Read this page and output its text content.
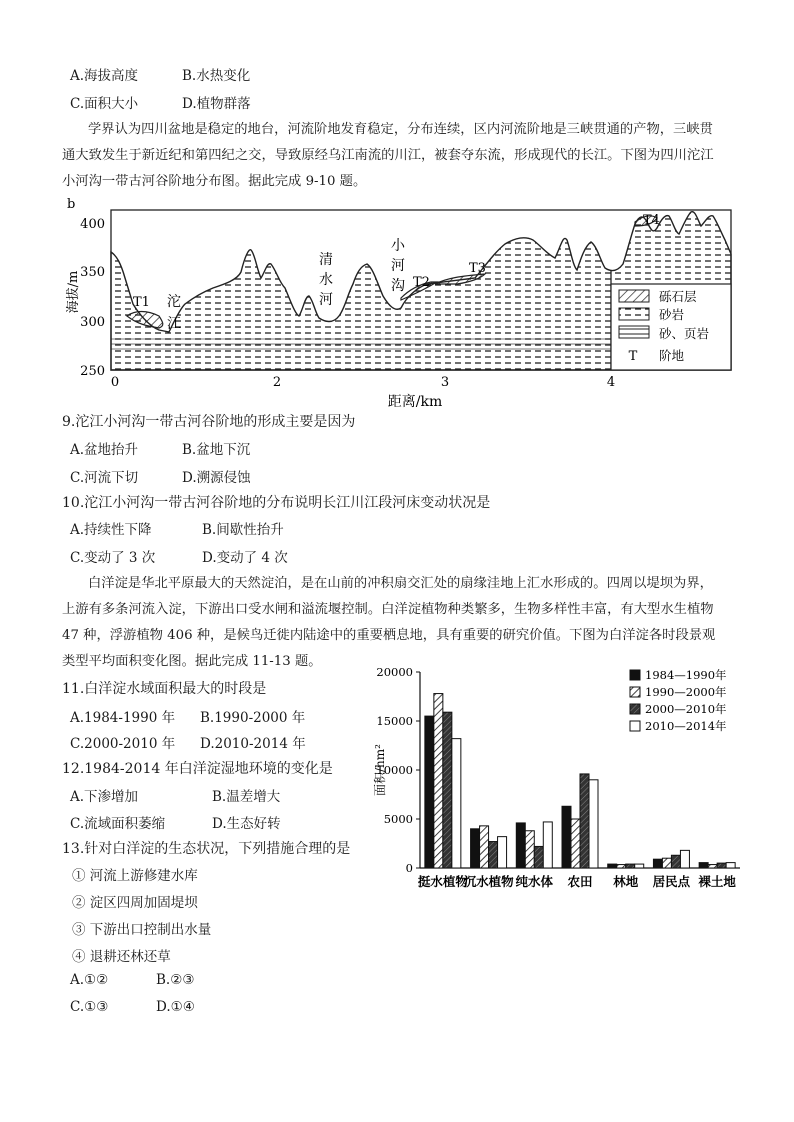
A.海拔高度	B.水热变化
C.面积大小	D.植物群落
学界认为四川盆地是稳定的地台，河流阶地发育稳定，分布连续，区内河流阶地是三峡贯通的产物，三峡贯
通大致发生于新近纪和第四纪之交，导致原经乌江南流的川江，被套夺东流，形成现代的长江。下图为四川沱江
小河沟一带古河谷阶地分布图。据此完成 9-10 题。
b
海拔/m
400
350
300
250
砾石层
砂岩
砂、页岩
T 阶地
T1 沱
江
清
水
河
小
河
沟 T2
T3
T4
0	2	3	4
距离/km
9.沱江小河沟一带古河谷阶地的形成主要是因为
A.盆地抬升	B.盆地下沉
C.河流下切	D.溯源侵蚀
10.沱江小河沟一带古河谷阶地的分布说明长江川江段河床变动状况是
A.持续性下降	B.间歇性抬升
C.变动了 3 次	D.变动了 4 次
白洋淀是华北平原最大的天然淀泊，是在山前的冲积扇交汇处的扇缘洼地上汇水形成的。四周以堤坝为界，
上游有多条河流入淀，下游出口受水闸和溢流堰控制。白洋淀植物种类繁多，生物多样性丰富，有大型水生植物
47 种，浮游植物 406 种，是候鸟迁徙内陆途中的重要栖息地，具有重要的研究价值。下图为白洋淀各时段景观
类型平均面积变化图。据此完成 11-13 题。
11.白洋淀水域面积最大的时段是
A.1984-1990 年 B.1990-2000 年
C.2000-2010 年 D.2010-2014 年
12.1984-2014 年白洋淀湿地环境的变化是
A.下渗增加	B.温差增大
C.流域面积萎缩	D.生态好转
13.针对白洋淀的生态状况，下列措施合理的是
① 河流上游修建水库
② 淀区四周加固堤坝
③ 下游出口控制出水量
④ 退耕还林还草
A.①②	B.②③
C.①③	D.①④
0
5000
10000
15000
20000
面积/hm²
挺水植物
沉水植物 纯水体 农田 林地 居民点 裸土地
1984—1990年
1990—2000年
2000—2010年
2010—2014年
